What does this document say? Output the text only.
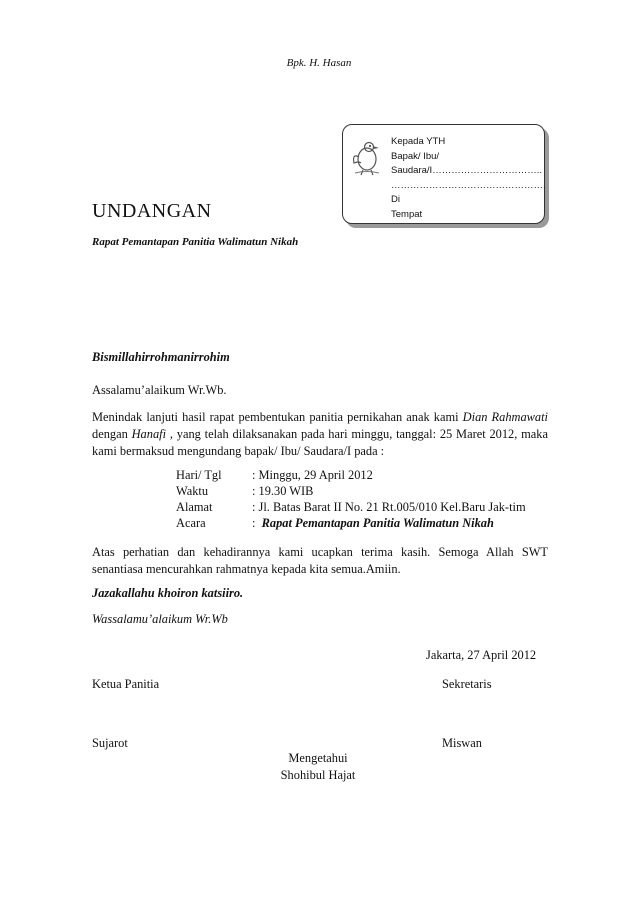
Bpk. H. Hasan
Kepada YTH
Bapak/ Ibu/
Saudara/I……………………………..
………………………………………….
Di
Tempat
UNDANGAN
Rapat Pemantapan Panitia Walimatun Nikah
Bismillahirrohmanirrohim
Assalamu’alaikum Wr.Wb.
Menindak lanjuti hasil rapat pembentukan panitia pernikahan anak kami Dian Rahmawati dengan Hanafi , yang telah dilaksanakan pada hari minggu, tanggal: 25 Maret 2012, maka kami bermaksud mengundang bapak/ Ibu/ Saudara/I pada :
Hari/ Tgl	: Minggu, 29 April 2012
Waktu	: 19.30 WIB
Alamat	: Jl. Batas Barat II No. 21 Rt.005/010 Kel.Baru Jak-tim
Acara	:  Rapat Pemantapan Panitia Walimatun Nikah
Atas perhatian dan kehadirannya kami ucapkan terima kasih. Semoga Allah SWT senantiasa mencurahkan rahmatnya kepada kita semua.Amiin.
Jazakallahu khoiron katsiiro.
Wassalamu’alaikum Wr.Wb
Jakarta, 27 April 2012
Ketua Panitia	Sekretaris
Sujarot	Miswan
Mengetahui
Shohibul Hajat
